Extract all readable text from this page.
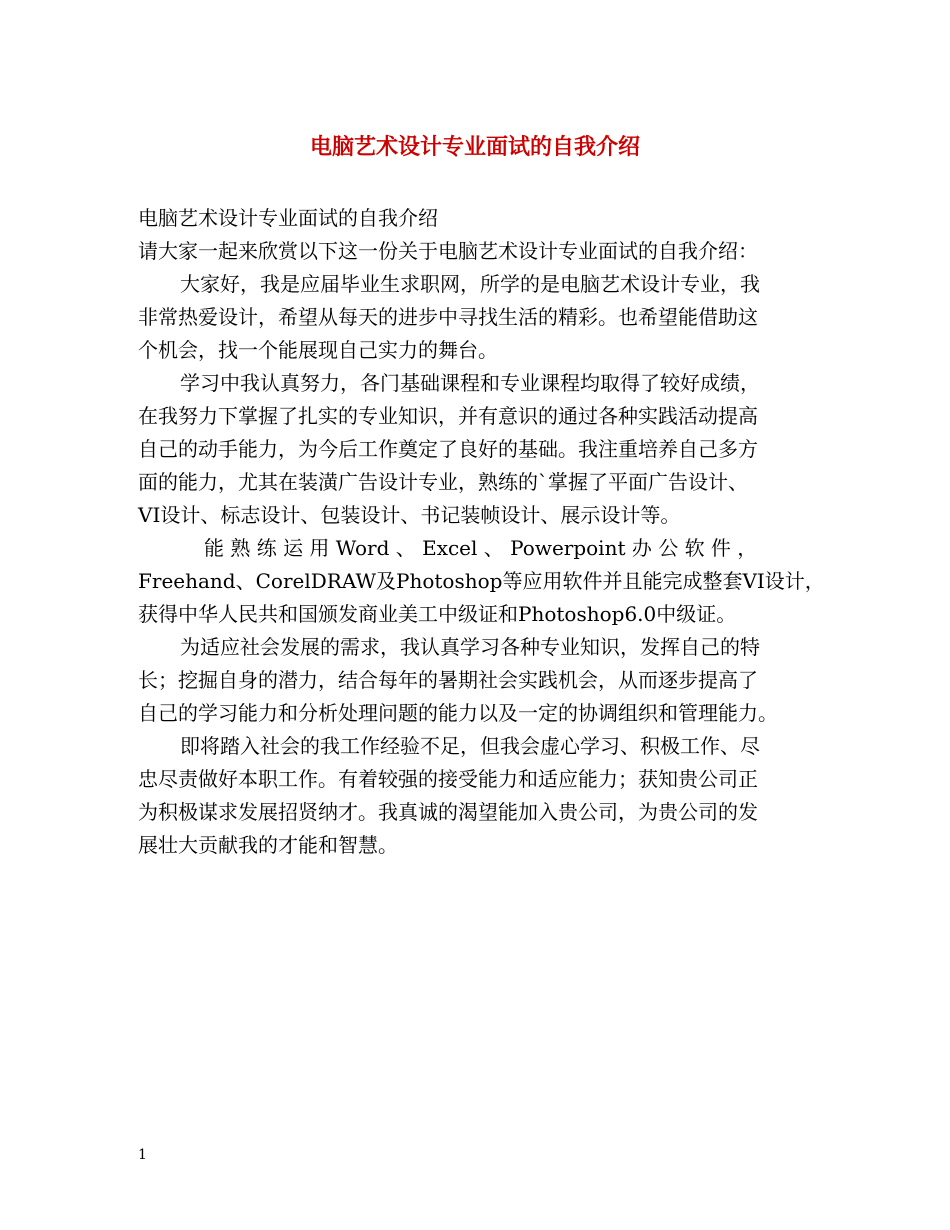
电脑艺术设计专业面试的自我介绍
电脑艺术设计专业面试的自我介绍
请大家一起来欣赏以下这一份关于电脑艺术设计专业面试的自我介绍：
大家好，我是应届毕业生求职网，所学的是电脑艺术设计专业，我
非常热爱设计，希望从每天的进步中寻找生活的精彩。也希望能借助这
个机会，找一个能展现自己实力的舞台。
学习中我认真努力，各门基础课程和专业课程均取得了较好成绩，
在我努力下掌握了扎实的专业知识，并有意识的通过各种实践活动提高
自己的动手能力，为今后工作奠定了良好的基础。我注重培养自己多方
面的能力，尤其在装潢广告设计专业，熟练的`掌握了平面广告设计、
VI设计、标志设计、包装设计、书记装帧设计、展示设计等。
能 熟 练 运 用 Word 、 Excel 、 Powerpoint 办 公 软 件 ，
Freehand、CorelDRAW及Photoshop等应用软件并且能完成整套VI设计，
获得中华人民共和国颁发商业美工中级证和Photoshop6.0中级证。
为适应社会发展的需求，我认真学习各种专业知识，发挥自己的特
长；挖掘自身的潜力，结合每年的暑期社会实践机会，从而逐步提高了
自己的学习能力和分析处理问题的能力以及一定的协调组织和管理能力。
即将踏入社会的我工作经验不足，但我会虚心学习、积极工作、尽
忠尽责做好本职工作。有着较强的接受能力和适应能力；获知贵公司正
为积极谋求发展招贤纳才。我真诚的渴望能加入贵公司，为贵公司的发
展壮大贡献我的才能和智慧。
1
